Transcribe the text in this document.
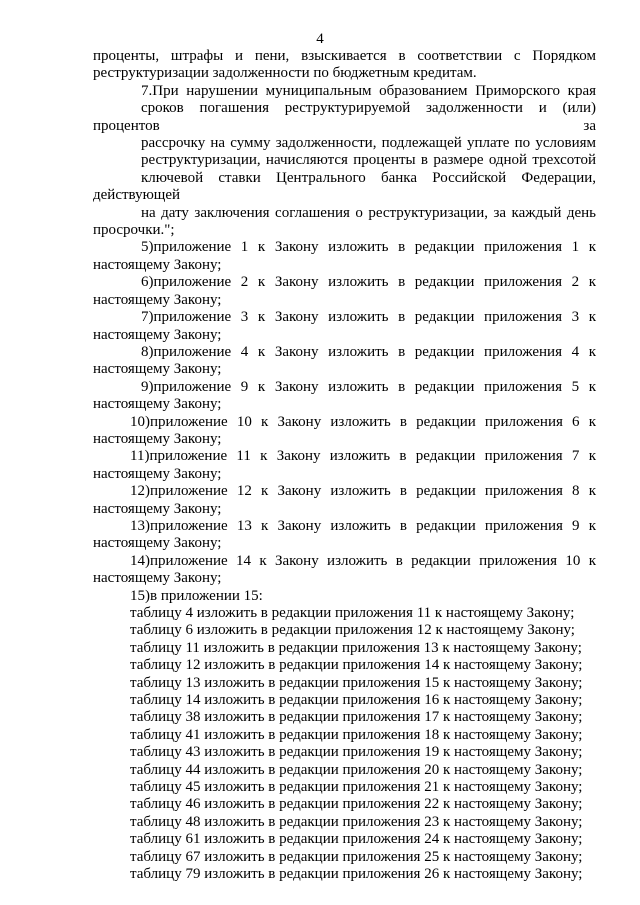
4

проценты, штрафы и пени, взыскивается в соответствии с Порядком
реструктуризации задолженности по бюджетным кредитам.

7.При нарушении муниципальным образованием Приморского края
сроков погашения реструктурируемой задолженности и (или) процентов за
рассрочку на сумму задолженности, подлежащей уплате по условиям
реструктуризации, начисляются проценты в размере одной трехсотой
ключевой ставки Центрального банка Российской Федерации, действующей
на дату заключения соглашения о реструктуризации, за каждый день
просрочки.";

5)приложение 1 к Закону изложить в редакции приложения 1 к
настоящему Закону;

6)приложение 2 к Закону изложить в редакции приложения 2 к
настоящему Закону;

7)приложение 3 к Закону изложить в редакции приложения 3 к
настоящему Закону;

8)приложение 4 к Закону изложить в редакции приложения 4 к
настоящему Закону;

9)приложение 9 к Закону изложить в редакции приложения 5 к
настоящему Закону;

10)приложение 10 к Закону изложить в редакции приложения 6 к
настоящему Закону;

11)приложение 11 к Закону изложить в редакции приложения 7 к
настоящему Закону;

12)приложение 12 к Закону изложить в редакции приложения 8 к
настоящему Закону;

13)приложение 13 к Закону изложить в редакции приложения 9 к
настоящему Закону;

14)приложение 14 к Закону изложить в редакции приложения 10 к
настоящему Закону;

15)в приложении 15:

таблицу 4 изложить в редакции приложения 11 к настоящему Закону;

таблицу 6 изложить в редакции приложения 12 к настоящему Закону;

таблицу 11 изложить в редакции приложения 13 к настоящему Закону;

таблицу 12 изложить в редакции приложения 14 к настоящему Закону;

таблицу 13 изложить в редакции приложения 15 к настоящему Закону;

таблицу 14 изложить в редакции приложения 16 к настоящему Закону;

таблицу 38 изложить в редакции приложения 17 к настоящему Закону;

таблицу 41 изложить в редакции приложения 18 к настоящему Закону;

таблицу 43 изложить в редакции приложения 19 к настоящему Закону;

таблицу 44 изложить в редакции приложения 20 к настоящему Закону;

таблицу 45 изложить в редакции приложения 21 к настоящему Закону;

таблицу 46 изложить в редакции приложения 22 к настоящему Закону;

таблицу 48 изложить в редакции приложения 23 к настоящему Закону;

таблицу 61 изложить в редакции приложения 24 к настоящему Закону;

таблицу 67 изложить в редакции приложения 25 к настоящему Закону;

таблицу 79 изложить в редакции приложения 26 к настоящему Закону;
